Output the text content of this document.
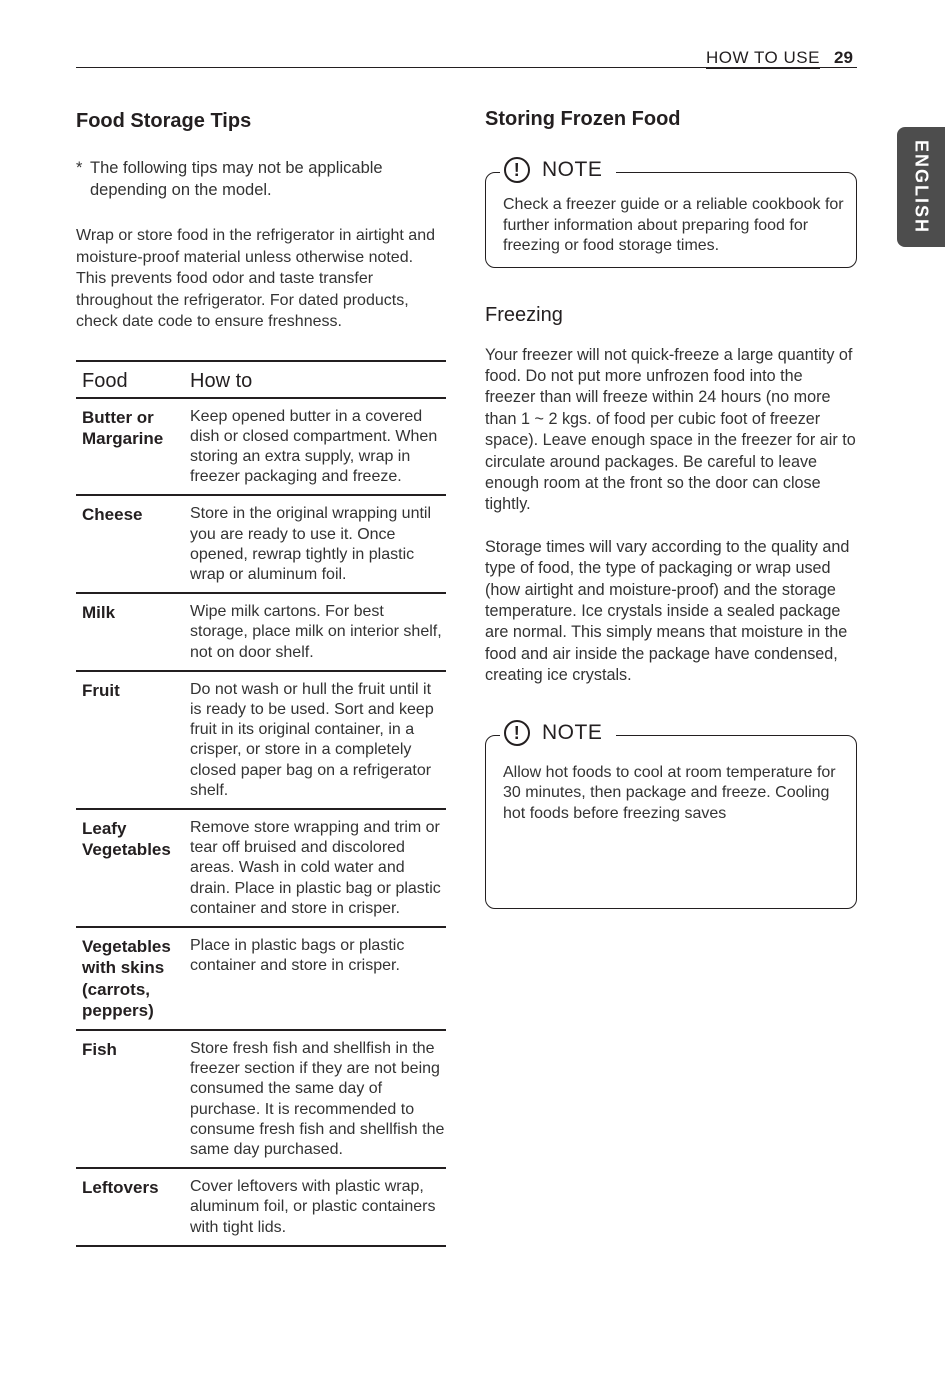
HOW TO USE 29
ENGLISH
Food Storage Tips
* The following tips may not be applicable depending on the model.
Wrap or store food in the refrigerator in airtight and moisture-proof material unless otherwise noted. This prevents food odor and taste transfer throughout the refrigerator. For dated products, check date code to ensure freshness.
Food	How to
Butter or Margarine	Keep opened butter in a covered dish or closed compartment. When storing an extra supply, wrap in freezer packaging and freeze.
Cheese	Store in the original wrapping until you are ready to use it. Once opened, rewrap tightly in plastic wrap or aluminum foil.
Milk	Wipe milk cartons. For best storage, place milk on interior shelf, not on door shelf.
Fruit	Do not wash or hull the fruit until it is ready to be used. Sort and keep fruit in its original container, in a crisper, or store in a completely closed paper bag on a refrigerator shelf.
Leafy Vegetables	Remove store wrapping and trim or tear off bruised and discolored areas. Wash in cold water and drain. Place in plastic bag or plastic container and store in crisper.
Vegetables with skins (carrots, peppers)	Place in plastic bags or plastic container and store in crisper.
Fish	Store fresh fish and shellfish in the freezer section if they are not being consumed the same day of purchase. It is recommended to consume fresh fish and shellfish the same day purchased.
Leftovers	Cover leftovers with plastic wrap, aluminum foil, or plastic containers with tight lids.
Storing Frozen Food
!	NOTE
Check a freezer guide or a reliable cookbook for further information about preparing food for freezing or food storage times.
Freezing
Your freezer will not quick-freeze a large quantity of food. Do not put more unfrozen food into the freezer than will freeze within 24 hours (no more than 1 ~ 2 kgs. of food per cubic foot of freezer space). Leave enough space in the freezer for air to circulate around packages. Be careful to leave enough room at the front so the door can close tightly.
Storage times will vary according to the quality and type of food, the type of packaging or wrap used (how airtight and moisture-proof) and the storage temperature. Ice crystals inside a sealed package are normal. This simply means that moisture in the food and air inside the package have condensed, creating ice crystals.
!	NOTE
Allow hot foods to cool at room temperature for 30 minutes, then package and freeze. Cooling hot foods before freezing saves
